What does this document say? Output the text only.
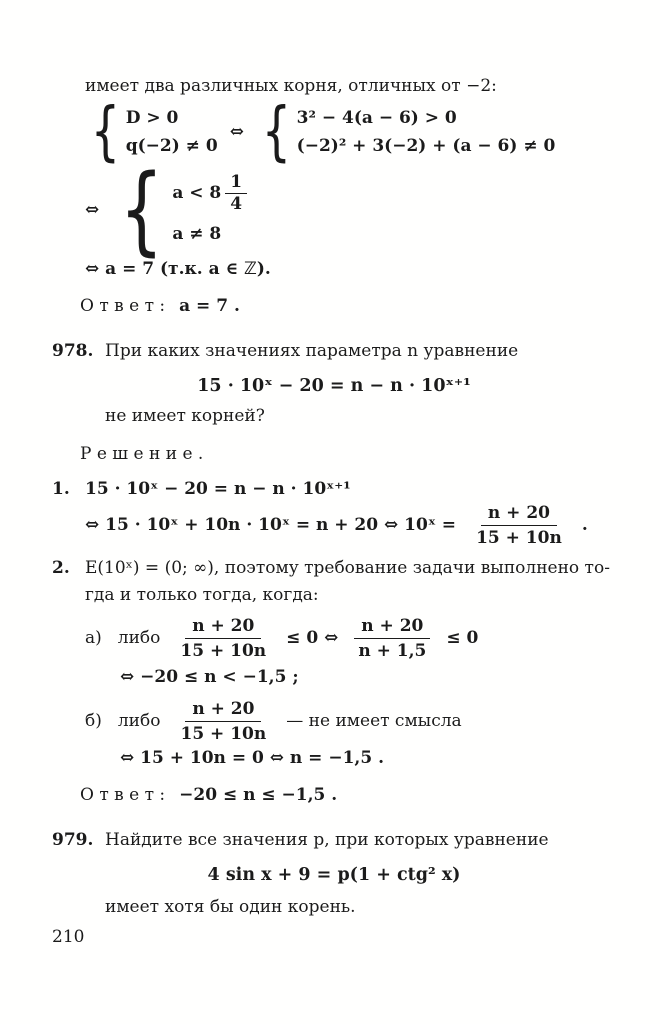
имеет два различных корня, отличных от −2:
{ D > 0
q(−2) ≠ 0
⇔ { 3² − 4(a − 6) > 0
(−2)² + 3(−2) + (a − 6) ≠ 0
⇔ { $a < 8 \frac{1}{4}$
a ≠ 8
⇔ a = 7 (т.к. a ∈ ℤ).
О т в е т : a = 7 .
978. При каких значениях параметра n уравнение
15 · 10ˣ − 20 = n − n · 10ˣ⁺¹
не имеет корней?
Р е ш е н и е .
1. 15 · 10ˣ − 20 = n − n · 10ˣ⁺¹
⇔ 15 · 10ˣ + 10n · 10ˣ = n + 20 ⇔ 10ˣ = $\frac{n + 20}{15 + 10n}$ .
2. E(10ˣ) = (0; ∞), поэтому требование задачи выполнено то-
гда и только тогда, когда:
а) либо $\frac{n + 20}{15 + 10n} \le 0$ ⇔ $\frac{n + 20}{n + 1,5} \le 0$
⇔ −20 ≤ n < −1,5 ;
б) либо $\frac{n + 20}{15 + 10n}$ — не имеет смысла
⇔ 15 + 10n = 0 ⇔ n = −1,5 .
О т в е т : −20 ≤ n ≤ −1,5 .
979. Найдите все значения p, при которых уравнение
4 sin x + 9 = p(1 + ctg² x)
имеет хотя бы один корень.
210
